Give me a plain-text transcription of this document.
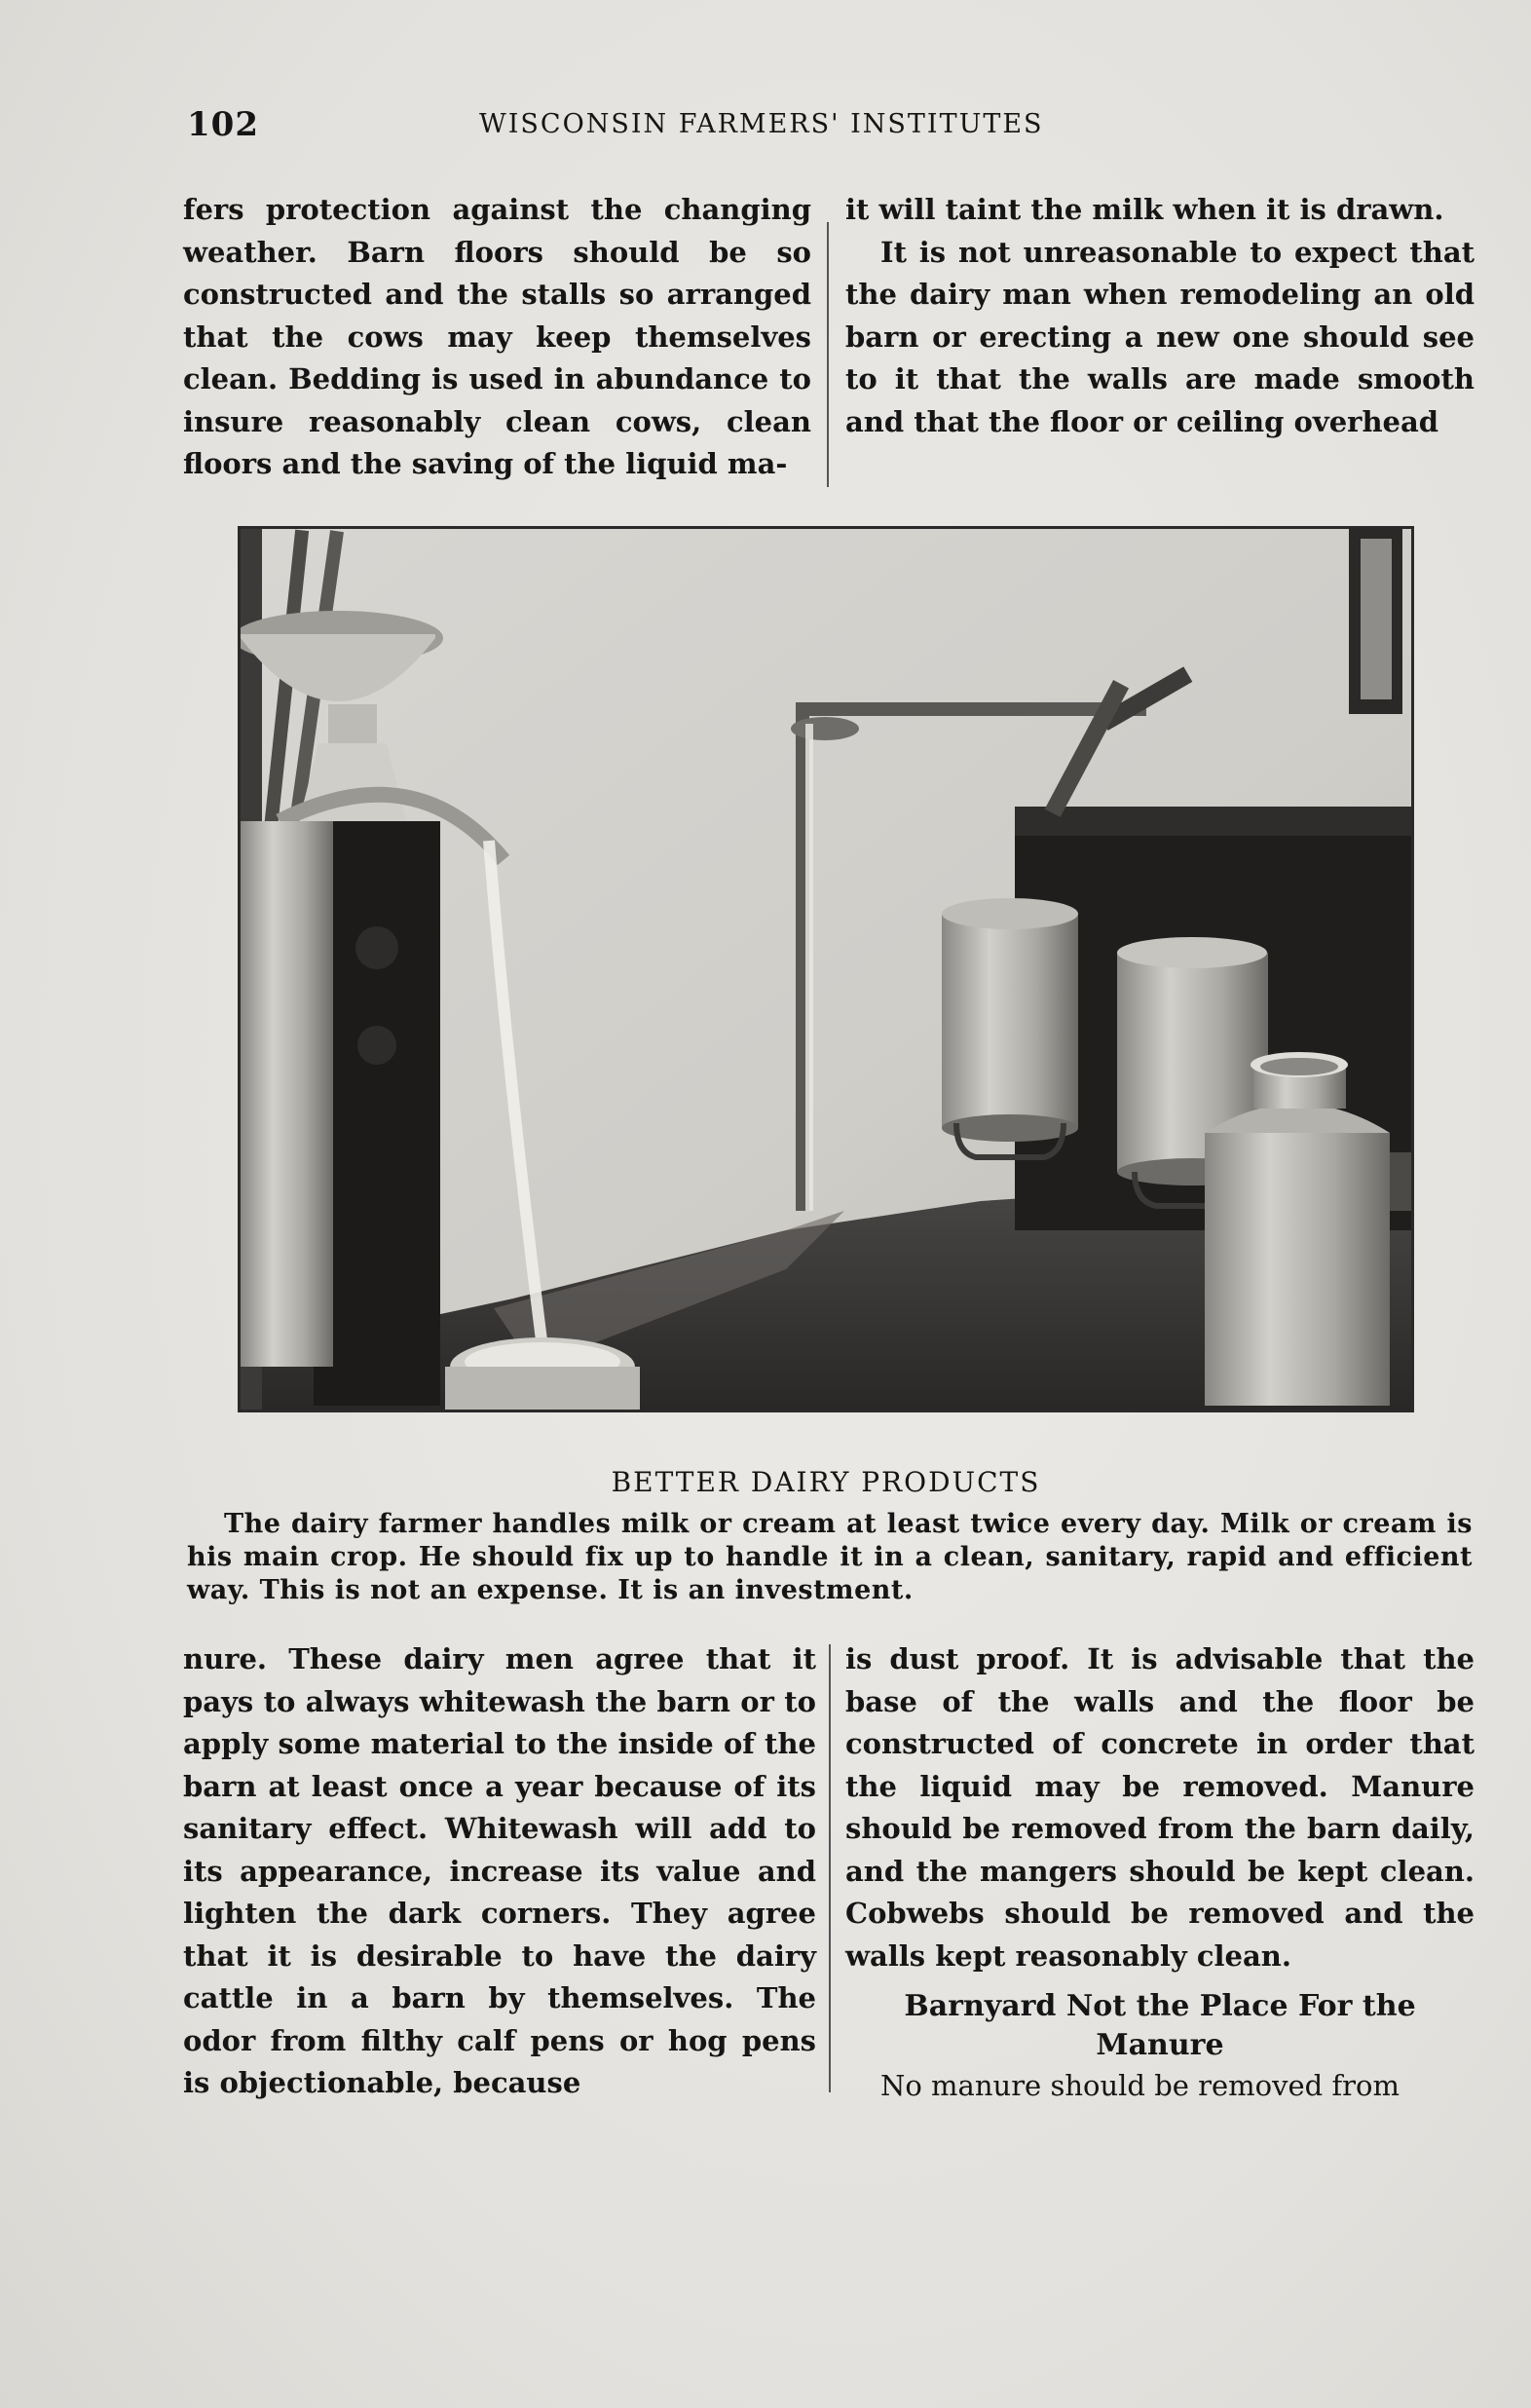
102	WISCONSIN FARMERS' INSTITUTES

fers protection against the changing weather. Barn floors should be so constructed and the stalls so arranged that the cows may keep themselves clean. Bedding is used in abundance to insure reasonably clean cows, clean floors and the saving of the liquid ma-

it will taint the milk when it is drawn.

It is not unreasonable to expect that the dairy man when remodeling an old barn or erecting a new one should see to it that the walls are made smooth and that the floor or ceiling overhead

BETTER DAIRY PRODUCTS
The dairy farmer handles milk or cream at least twice every day. Milk or cream is his main crop. He should fix up to handle it in a clean, sanitary, rapid and efficient way. This is not an expense. It is an investment.

nure. These dairy men agree that it pays to always whitewash the barn or to apply some material to the inside of the barn at least once a year because of its sanitary effect. Whitewash will add to its appearance, increase its value and lighten the dark corners. They agree that it is desirable to have the dairy cattle in a barn by themselves. The odor from filthy calf pens or hog pens is objectionable, because

is dust proof. It is advisable that the base of the walls and the floor be constructed of concrete in order that the liquid may be removed. Manure should be removed from the barn daily, and the mangers should be kept clean. Cobwebs should be removed and the walls kept reasonably clean.

Barnyard Not the Place For the Manure

No manure should be removed from
